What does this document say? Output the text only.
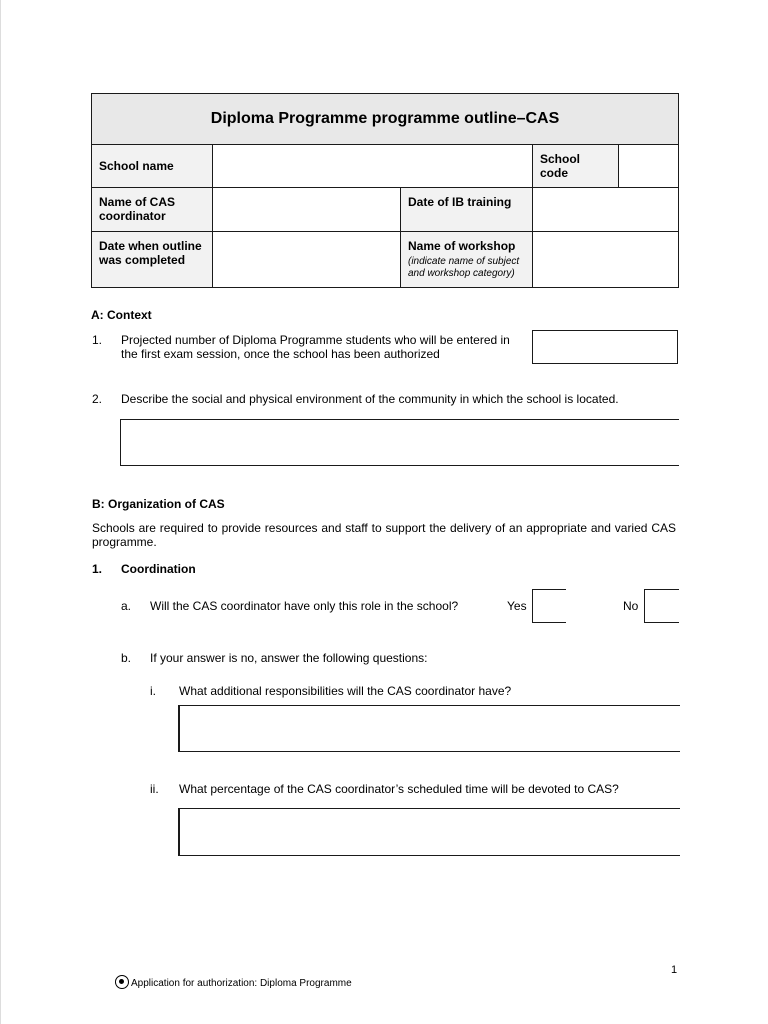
Diploma Programme programme outline–CAS				
School name			School code	
Name of CAS coordinator		Date of IB training		
Date when outline was completed		Name of workshop
(indicate name of subject and workshop category)		

A: Context
1. Projected number of Diploma Programme students who will be entered in the first exam session, once the school has been authorized
2. Describe the social and physical environment of the community in which the school is located.
B: Organization of CAS
Schools are required to provide resources and staff to support the delivery of an appropriate and varied CAS programme.
1. Coordination
a. Will the CAS coordinator have only this role in the school?	Yes	No
b. If your answer is no, answer the following questions:
i. What additional responsibilities will the CAS coordinator have?
ii. What percentage of the CAS coordinator’s scheduled time will be devoted to CAS?
1
Application for authorization: Diploma Programme
